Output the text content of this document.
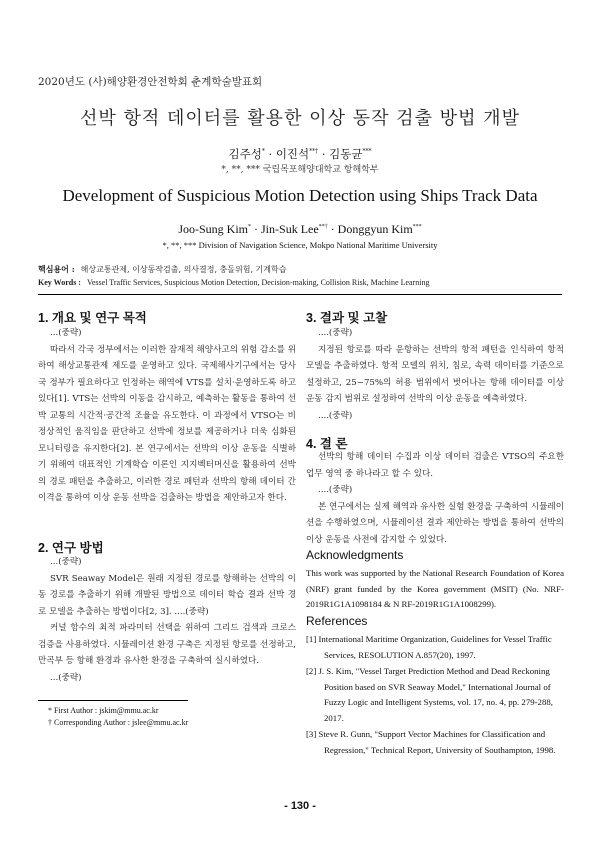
2020년도 (사)해양환경안전학회 춘계학술발표회
선박 항적 데이터를 활용한 이상 동작 검출 방법 개발
김주성* · 이진석**† · 김동균***
*, **, *** 국립목포해양대학교 항해학부
Development of Suspicious Motion Detection using Ships Track Data
Joo-Sung Kim* · Jin-Suk Lee**† · Donggyun Kim***
*, **, *** Division of Navigation Science, Mokpo National Maritime University
핵심용어 : 해상교통관제, 이상동작검출, 의사결정, 충돌위험, 기계학습
Key Words : Vessel Traffic Services, Suspicious Motion Detection, Decision-making, Collision Risk, Machine Learning
1. 개요 및 연구 목적
...(중략)
따라서 각국 정부에서는 이러한 잠재적 해양사고의 위험 감소를 위하여 해상교통관제 제도를 운영하고 있다. 국제해사기구에서는 당사국 정부가 필요하다고 인정하는 해역에 VTS를 설치·운영하도록 하고 있다[1]. VTS는 선박의 이동을 감시하고, 예측하는 활동을 통하여 선박 교통의 시간적·공간적 조율을 유도한다. 이 과정에서 VTSO는 비정상적인 움직임을 판단하고 선박에 정보를 제공하거나 더욱 심화된 모니터링을 유지한다[2]. 본 연구에서는 선박의 이상 운동을 식별하기 위해여 대표적인 기계학습 이론인 지지벡터머신을 활용하여 선박의 경로 패턴을 추출하고, 이러한 경로 패턴과 선박의 항해 데이터 간 이격을 통하여 이상 운동 선박을 검출하는 방법을 제안하고자 한다.
2. 연구 방법
...(중략)
SVR Seaway Model은 원래 지정된 경로를 항해하는 선박의 이동 경로를 추출하기 위해 개발된 방법으로 데이터 학습 결과 선박 경로 모델을 추출하는 방법이다[2, 3]. ....(중략)
커널 함수의 최적 파라미터 선택을 위하여 그리드 검색과 크로스 검증을 사용하였다. 시뮬레이션 환경 구축은 지정된 항로를 선정하고, 만곡부 등 항해 환경과 유사한 환경을 구축하여 실시하였다.
...(중략)
* First Author : jskim@mmu.ac.kr
† Corresponding Author : jslee@mmu.ac.kr
3. 결과 및 고찰
....(중략)
지정된 항로를 따라 운항하는 선박의 항적 패턴을 인식하여 항적 모델을 추출하였다. 항적 모델의 위치, 침로, 속력 데이터를 기준으로 설정하고, 25~75%의 허용 범위에서 벗어나는 항해 데이터를 이상 운동 감지 범위로 설정하여 선박의 이상 운동을 예측하였다.
....(중략)
4. 결 론
선박의 항해 데이터 수집과 이상 데이터 검출은 VTSO의 주요한 업무 영역 중 하나라고 할 수 있다.
....(중략)
본 연구에서는 실제 해역과 유사한 실험 환경을 구축하여 시뮬레이션을 수행하였으며, 시뮬레이션 결과 제안하는 방법을 통하여 선박의 이상 운동을 사전에 감지할 수 있었다.
Acknowledgments
This work was supported by the National Research Foundation of Korea (NRF) grant funded by the Korea government (MSIT) (No. NRF-2019R1G1A1098184 & N RF-2019R1G1A1008299).
References

[1] International Maritime Organization, Guidelines for Vessel Traffic Services, RESOLUTION A.857(20), 1997.

[2] J. S. Kim, "Vessel Target Prediction Method and Dead Reckoning Position based on SVR Seaway Model," International Journal of Fuzzy Logic and Intelligent Systems, vol. 17, no. 4, pp. 279-288, 2017.

[3] Steve R. Gunn, "Support Vector Machines for Classification and Regression," Technical Report, University of Southampton, 1998.

- 130 -
